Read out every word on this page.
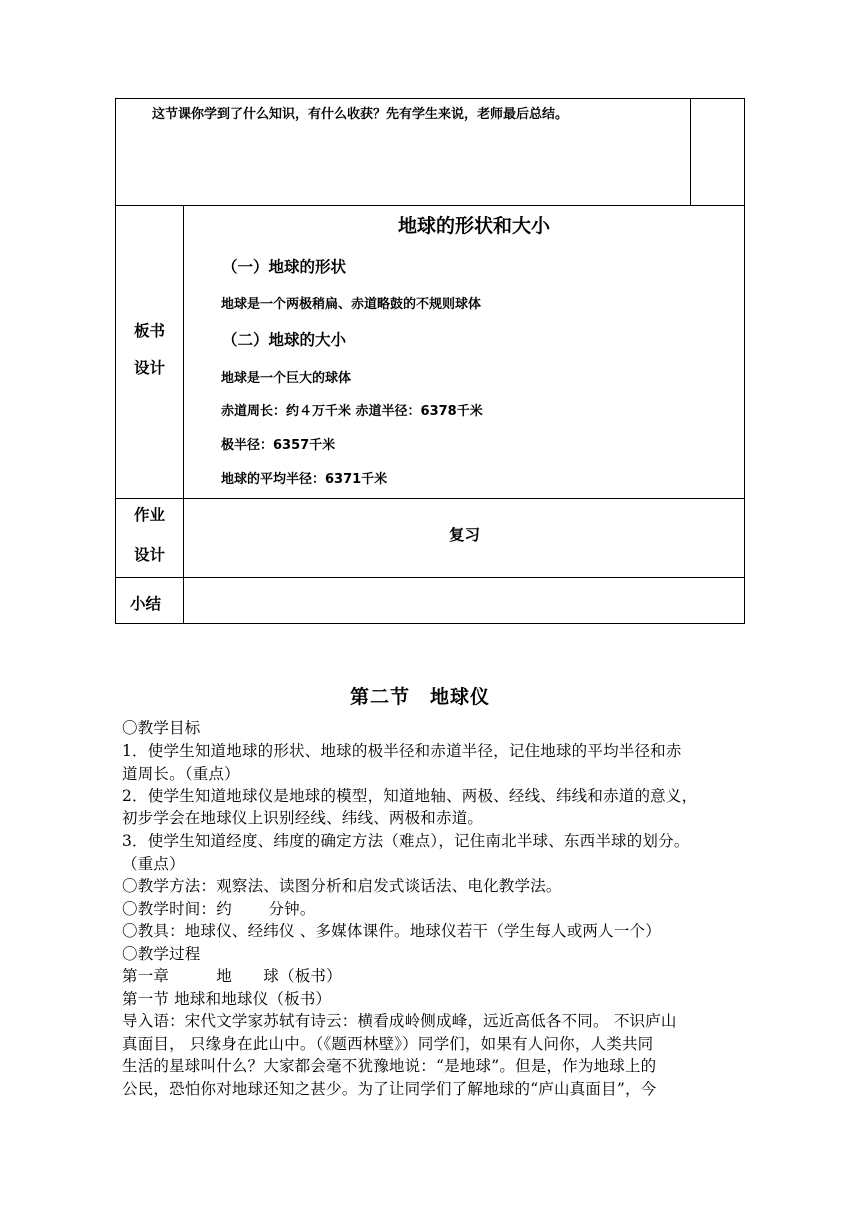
这节课你学到了什么知识，有什么收获？先有学生来说，老师最后总结。
板书
设计
地球的形状和大小
（一）地球的形状
地球是一个两极稍扁、赤道略鼓的不规则球体
（二）地球的大小
地球是一个巨大的球体
赤道周长：约４万千米 赤道半径：6378千米
极半径：6357千米
地球的平均半径：6371千米
作业
设计
复习
小结
第二节　地球仪
〇教学目标
1．使学生知道地球的形状、地球的极半径和赤道半径，记住地球的平均半径和赤
道周长。（重点）
2．使学生知道地球仪是地球的模型，知道地轴、两极、经线、纬线和赤道的意义，
初步学会在地球仪上识别经线、纬线、两极和赤道。
3．使学生知道经度、纬度的确定方法（难点），记住南北半球、东西半球的划分。
（重点）
〇教学方法：观察法、读图分析和启发式谈话法、电化教学法。
〇教学时间：约　　 分钟。
〇教具：地球仪、经纬仪 、多媒体课件。地球仪若干（学生每人或两人一个）
〇教学过程
第一章　　　地　　球（板书）
第一节 地球和地球仪（板书）
导入语：宋代文学家苏轼有诗云：横看成岭侧成峰，远近高低各不同。 不识庐山
真面目， 只缘身在此山中。（《题西林壁》）同学们，如果有人问你，人类共同
生活的星球叫什么？大家都会毫不犹豫地说：“是地球”。但是，作为地球上的
公民，恐怕你对地球还知之甚少。为了让同学们了解地球的“庐山真面目”，今
